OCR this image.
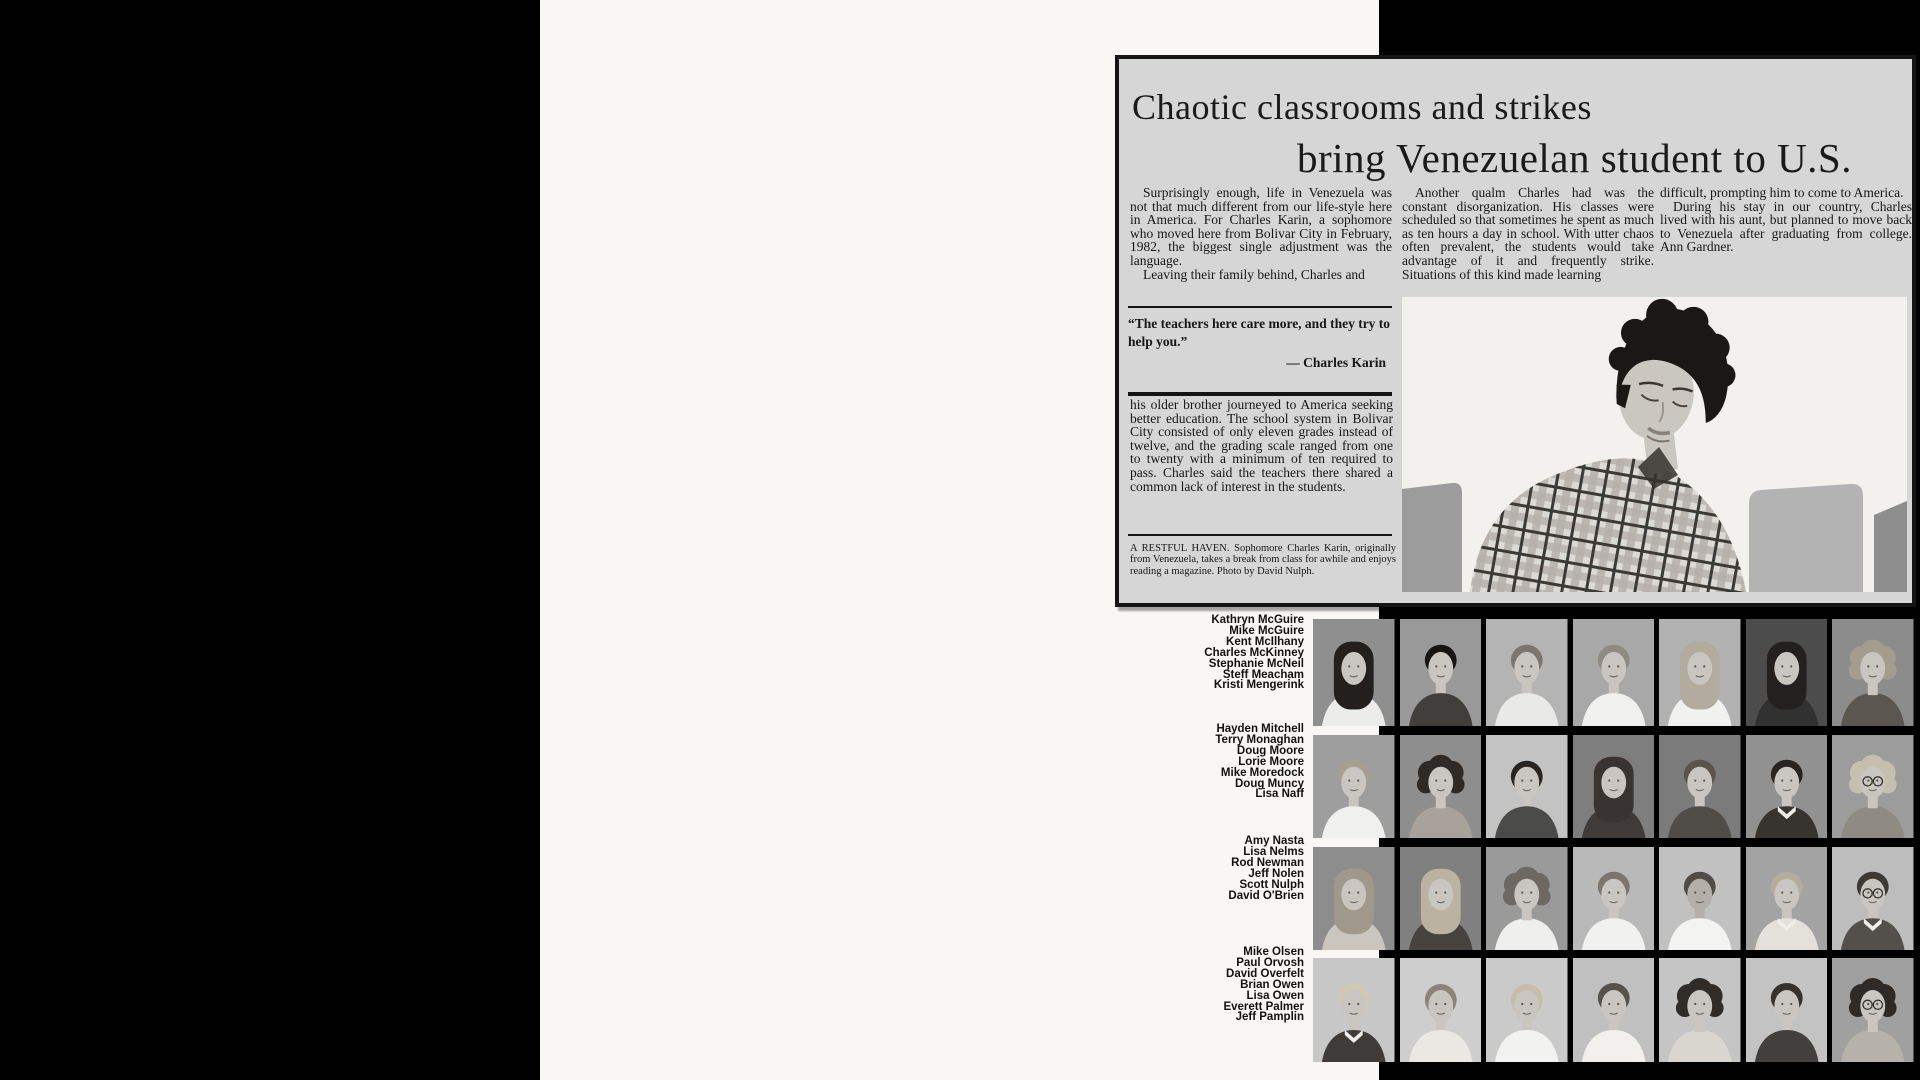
Chaotic classrooms and strikes
bring Venezuelan student to U.S.

Surprisingly enough, life in Venezuela was not that much different from our life-style here in America. For Charles Karin, a sophomore who moved here from Bolivar City in February, 1982, the biggest single adjustment was the language.

Leaving their family behind, Charles and

Another qualm Charles had was the constant disorganization. His classes were scheduled so that sometimes he spent as much as ten hours a day in school. With utter chaos often prevalent, the students would take advantage of it and frequently strike. Situations of this kind made learning

difficult, prompting him to come to America.

During his stay in our country, Charles lived with his aunt, but planned to move back to Venezuela after graduating from college. Ann Gardner.

“The teachers here care more, and they try to help you.”
— Charles Karin
his older brother journeyed to America seeking better education. The school system in Bolivar City consisted of only eleven grades instead of twelve, and the grading scale ranged from one to twenty with a minimum of ten required to pass. Charles said the teachers there shared a common lack of interest in the students.
A RESTFUL HAVEN. Sophomore Charles Karin, originally from Venezuela, takes a break from class for awhile and enjoys reading a magazine. Photo by David Nulph.
Kathryn McGuire
Mike McGuire
Kent McIlhany
Charles McKinney
Stephanie McNeil
Steff Meacham
Kristi Mengerink
Hayden Mitchell
Terry Monaghan
Doug Moore
Lorie Moore
Mike Moredock
Doug Muncy
Lisa Naff
Amy Nasta
Lisa Nelms
Rod Newman
Jeff Nolen
Scott Nulph
David O'Brien
Mike Olsen
Paul Orvosh
David Overfelt
Brian Owen
Lisa Owen
Everett Palmer
Jeff Pamplin
